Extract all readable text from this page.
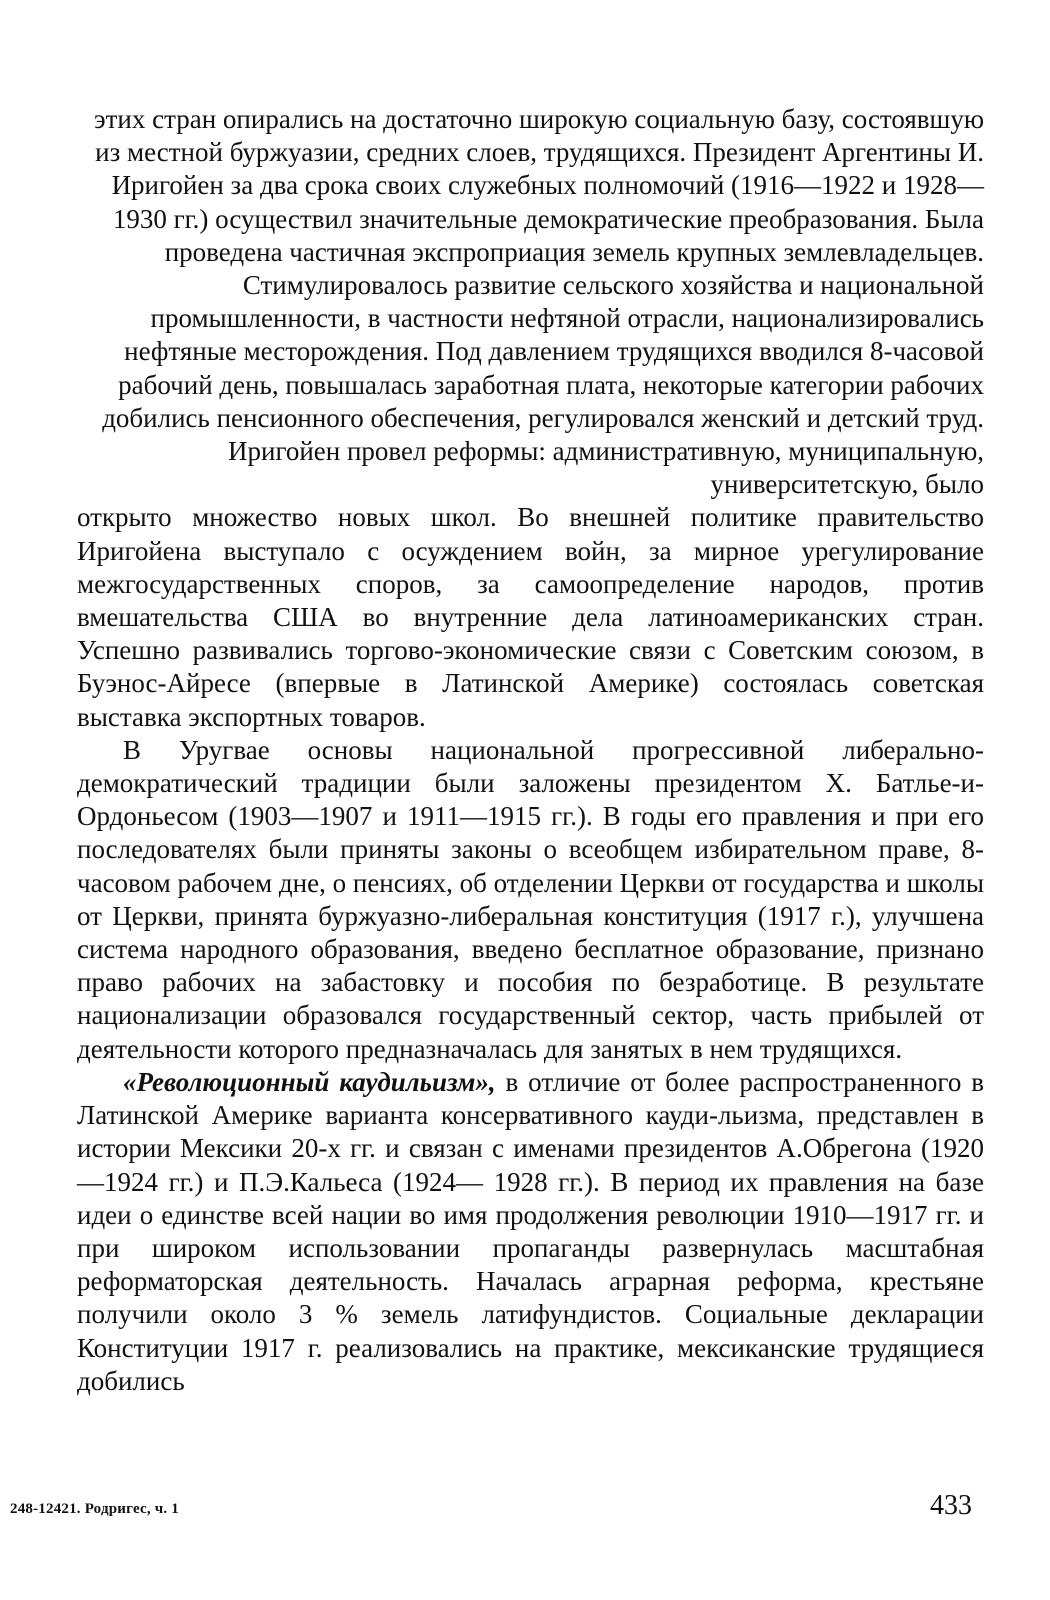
этих стран опирались на достаточно широкую социальную базу, состоявшую из местной буржуазии, средних слоев, трудящихся. Президент Аргентины И. Иригойен за два срока своих служебных полномочий (1916—1922 и 1928—1930 гг.) осуществил значительные демократические преобразования. Была проведена частичная экспроприация земель крупных землевладельцев. Стимулировалось развитие сельского хозяйства и национальной промышленности, в частности нефтяной отрасли, национализировались нефтяные месторождения. Под давлением трудящихся вводился 8-часовой рабочий день, повышалась заработная плата, некоторые категории рабочих добились пенсионного обеспечения, регулировался женский и детский труд. Иригойен провел реформы: административную, муниципальную, университетскую, было

открыто множество новых школ. Во внешней политике правительство Иригойена выступало с осуждением войн, за мирное урегулирование межгосударственных споров, за самоопределение народов, против вмешательства США во внутренние дела латиноамериканских стран. Успешно развивались торгово-экономические связи с Советским союзом, в Буэнос-Айресе (впервые в Латинской Америке) состоялась советская выставка экспортных товаров.

В Уругвае основы национальной прогрессивной либерально-демократический традиции были заложены президентом X. Батлье-и-Ордоньесом (1903—1907 и 1911—1915 гг.). В годы его правления и при его последователях были приняты законы о всеобщем избирательном праве, 8-часовом рабочем дне, о пенсиях, об отделении Церкви от государства и школы от Церкви, принята буржуазно-либеральная конституция (1917 г.), улучшена система народного образования, введено бесплатное образование, признано право рабочих на забастовку и пособия по безработице. В результате национализации образовался государственный сектор, часть прибылей от деятельности которого предназначалась для занятых в нем трудящихся.

«Революционный каудильизм», в отличие от более распространенного в Латинской Америке варианта консервативного кауди-льизма, представлен в истории Мексики 20-х гг. и связан с именами президентов А.Обрегона (1920—1924 гг.) и П.Э.Кальеса (1924— 1928 гг.). В период их правления на базе идеи о единстве всей нации во имя продолжения революции 1910—1917 гг. и при широком использовании пропаганды развернулась масштабная реформаторская деятельность. Началась аграрная реформа, крестьяне получили около 3 % земель латифундистов. Социальные декларации Конституции 1917 г. реализовались на практике, мексиканские трудящиеся добились

248-12421. Родригес, ч. 1	433
